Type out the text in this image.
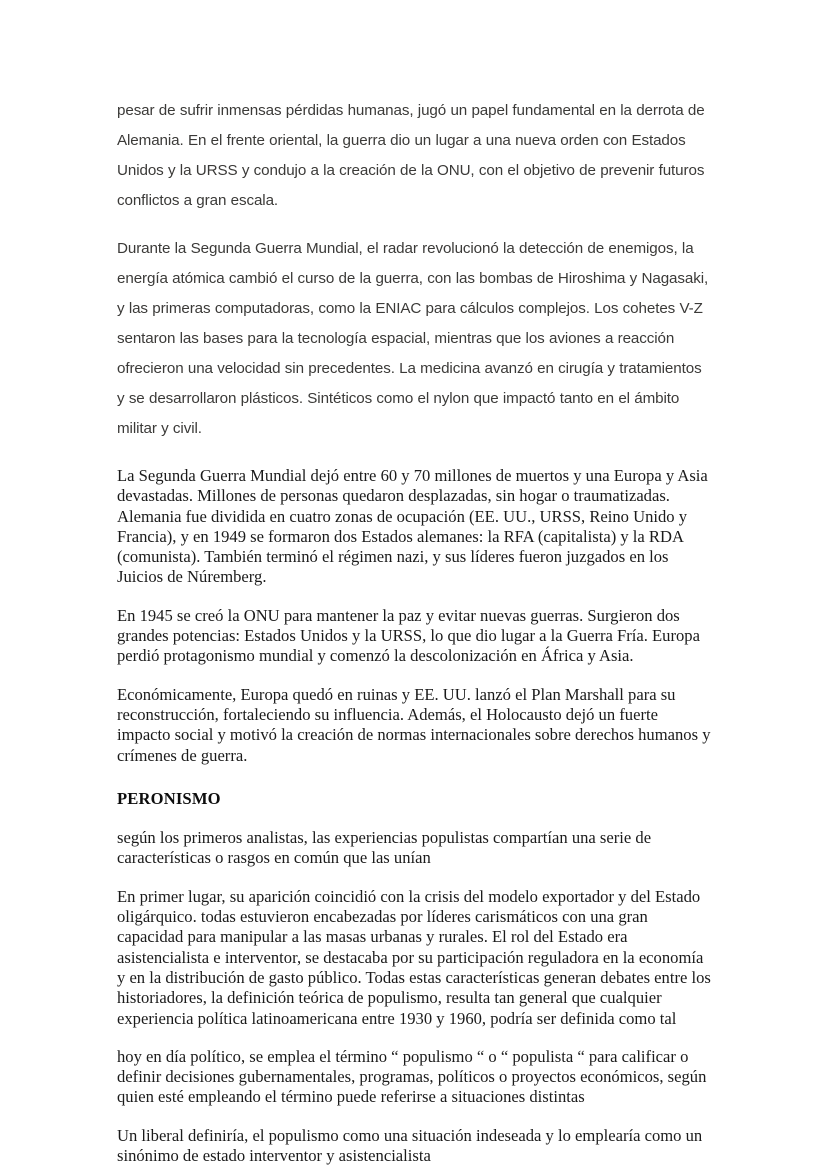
pesar de sufrir inmensas pérdidas humanas, jugó un papel fundamental en la derrota de Alemania. En el frente oriental, la guerra dio un lugar a una nueva orden con Estados Unidos y la URSS y condujo a la creación de la ONU, con el objetivo de prevenir futuros conflictos a gran escala.

Durante la Segunda Guerra Mundial, el radar revolucionó la detección de enemigos, la energía atómica cambió el curso de la guerra, con las bombas de Hiroshima y Nagasaki, y las primeras computadoras, como la ENIAC para cálculos complejos. Los cohetes V-Z sentaron las bases para la tecnología espacial, mientras que los aviones a reacción ofrecieron una velocidad sin precedentes. La medicina avanzó en cirugía y tratamientos y se desarrollaron plásticos. Sintéticos como el nylon que impactó tanto en el ámbito militar y civil.

La Segunda Guerra Mundial dejó entre 60 y 70 millones de muertos y una Europa y Asia devastadas. Millones de personas quedaron desplazadas, sin hogar o traumatizadas. Alemania fue dividida en cuatro zonas de ocupación (EE. UU., URSS, Reino Unido y Francia), y en 1949 se formaron dos Estados alemanes: la RFA (capitalista) y la RDA (comunista). También terminó el régimen nazi, y sus líderes fueron juzgados en los Juicios de Núremberg.

En 1945 se creó la ONU para mantener la paz y evitar nuevas guerras. Surgieron dos grandes potencias: Estados Unidos y la URSS, lo que dio lugar a la Guerra Fría. Europa perdió protagonismo mundial y comenzó la descolonización en África y Asia.

Económicamente, Europa quedó en ruinas y EE. UU. lanzó el Plan Marshall para su reconstrucción, fortaleciendo su influencia. Además, el Holocausto dejó un fuerte impacto social y motivó la creación de normas internacionales sobre derechos humanos y crímenes de guerra.

PERONISMO

según los primeros analistas, las experiencias populistas compartían una serie de características o rasgos en común que las unían

En primer lugar, su aparición coincidió con la crisis del modelo exportador y del Estado oligárquico. todas estuvieron encabezadas por líderes carismáticos con una gran capacidad para manipular a las masas urbanas y rurales. El rol del Estado era asistencialista e interventor, se destacaba por su participación reguladora en la economía y en la distribución de gasto público. Todas estas características generan debates entre los historiadores, la definición teórica de populismo, resulta tan general que cualquier experiencia política latinoamericana entre 1930 y 1960, podría ser definida como tal

hoy en día político, se emplea el término “ populismo “ o “ populista “ para calificar o definir decisiones gubernamentales, programas, políticos o proyectos económicos, según quien esté empleando el término puede referirse a situaciones distintas

Un liberal definiría, el populismo como una situación indeseada y lo emplearía como un sinónimo de estado interventor y asistencialista
